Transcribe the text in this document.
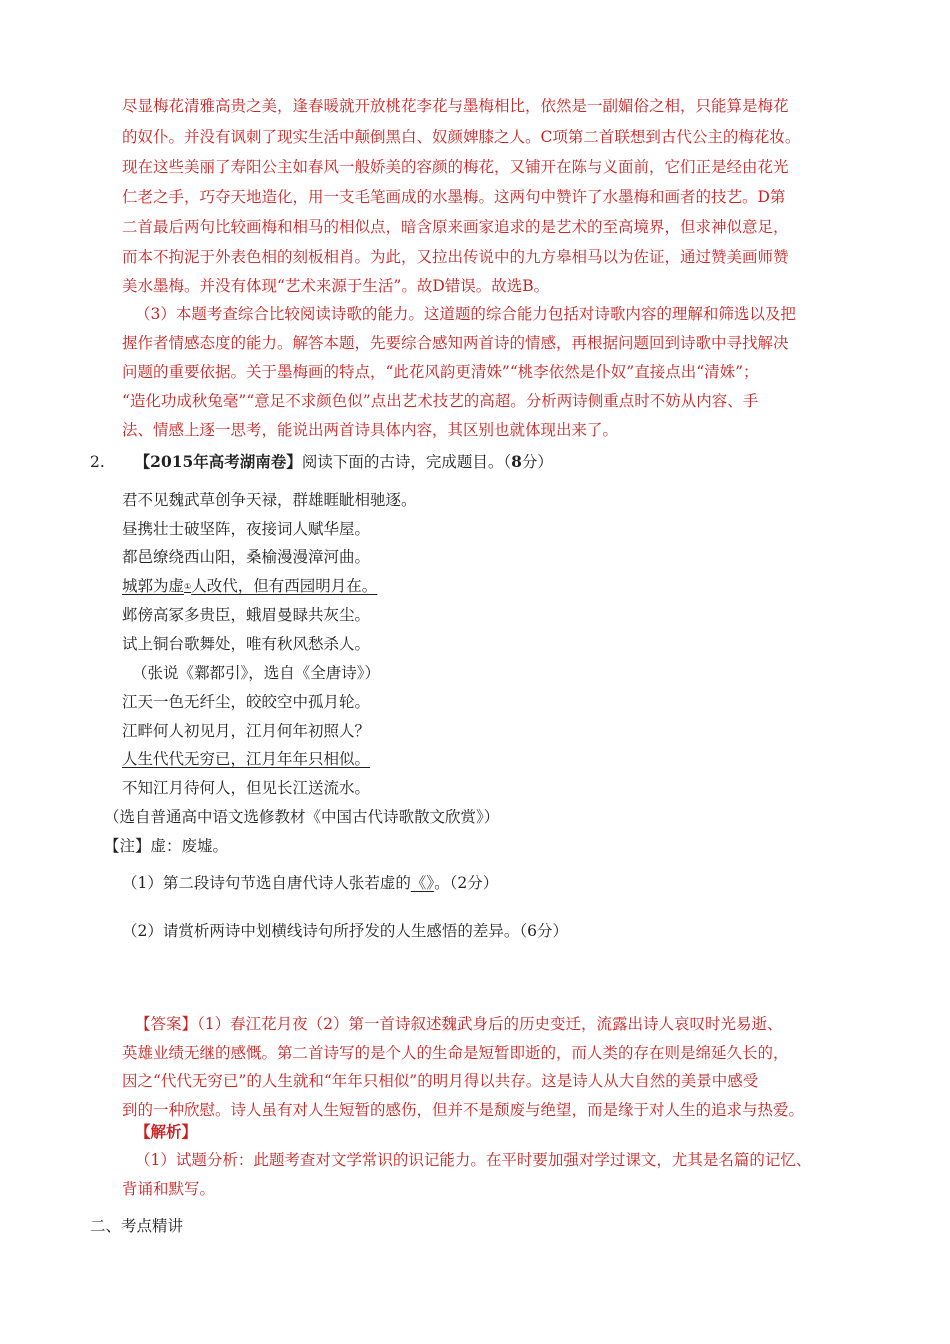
尽显梅花清雅高贵之美，逢春暖就开放桃花李花与墨梅相比，依然是一副媚俗之相，只能算是梅花
的奴仆。并没有讽刺了现实生活中颠倒黑白、奴颜婢膝之人。C项第二首联想到古代公主的梅花妆。
现在这些美丽了寿阳公主如春风一般娇美的容颜的梅花，又铺开在陈与义面前，它们正是经由花光
仁老之手，巧夺天地造化，用一支毛笔画成的水墨梅。这两句中赞许了水墨梅和画者的技艺。D第
二首最后两句比较画梅和相马的相似点，暗含原来画家追求的是艺术的至高境界，但求神似意足，
而本不拘泥于外表色相的刻板相肖。为此，又拉出传说中的九方皋相马以为佐证，通过赞美画师赞
美水墨梅。并没有体现“艺术来源于生活”。故D错误。故选B。
（3）本题考查综合比较阅读诗歌的能力。这道题的综合能力包括对诗歌内容的理解和筛选以及把
握作者情感态度的能力。解答本题，先要综合感知两首诗的情感，再根据问题回到诗歌中寻找解决
问题的重要依据。关于墨梅画的特点，“此花风韵更清姝”“桃李依然是仆奴”直接点出“清姝”；
“造化功成秋兔毫”“意足不求颜色似”点出艺术技艺的高超。分析两诗侧重点时不妨从内容、手
法、情感上逐一思考，能说出两首诗具体内容，其区别也就体现出来了。
2. 【2015年高考湖南卷】阅读下面的古诗，完成题目。（8分）
君不见魏武草创争天禄，群雄睚眦相驰逐。
昼携壮士破坚阵，夜接词人赋华屋。
都邑缭绕西山阳，桑榆漫漫漳河曲。
城郭为虚①人改代，但有西园明月在。
邺傍高冢多贵臣，蛾眉曼睩共灰尘。
试上铜台歌舞处，唯有秋风愁杀人。
（张说《鄴都引》，选自《全唐诗》）
江天一色无纤尘，皎皎空中孤月轮。
江畔何人初见月，江月何年初照人？
人生代代无穷已，江月年年只相似。
不知江月待何人，但见长江送流水。
（选自普通高中语文选修教材《中国古代诗歌散文欣赏》）
【注】虚：废墟。
（1）第二段诗句节选自唐代诗人张若虚的《》。（2分）
（2）请赏析两诗中划横线诗句所抒发的人生感悟的差异。（6分）
【答案】（1）春江花月夜（2）第一首诗叙述魏武身后的历史变迁，流露出诗人哀叹时光易逝、
英雄业绩无继的感慨。第二首诗写的是个人的生命是短暂即逝的，而人类的存在则是绵延久长的，
因之“代代无穷已”的人生就和“年年只相似”的明月得以共存。这是诗人从大自然的美景中感受
到的一种欣慰。诗人虽有对人生短暂的感伤，但并不是颓废与绝望，而是缘于对人生的追求与热爱。
【解析】
（1）试题分析：此题考查对文学常识的识记能力。在平时要加强对学过课文，尤其是名篇的记忆、
背诵和默写。
二、考点精讲
